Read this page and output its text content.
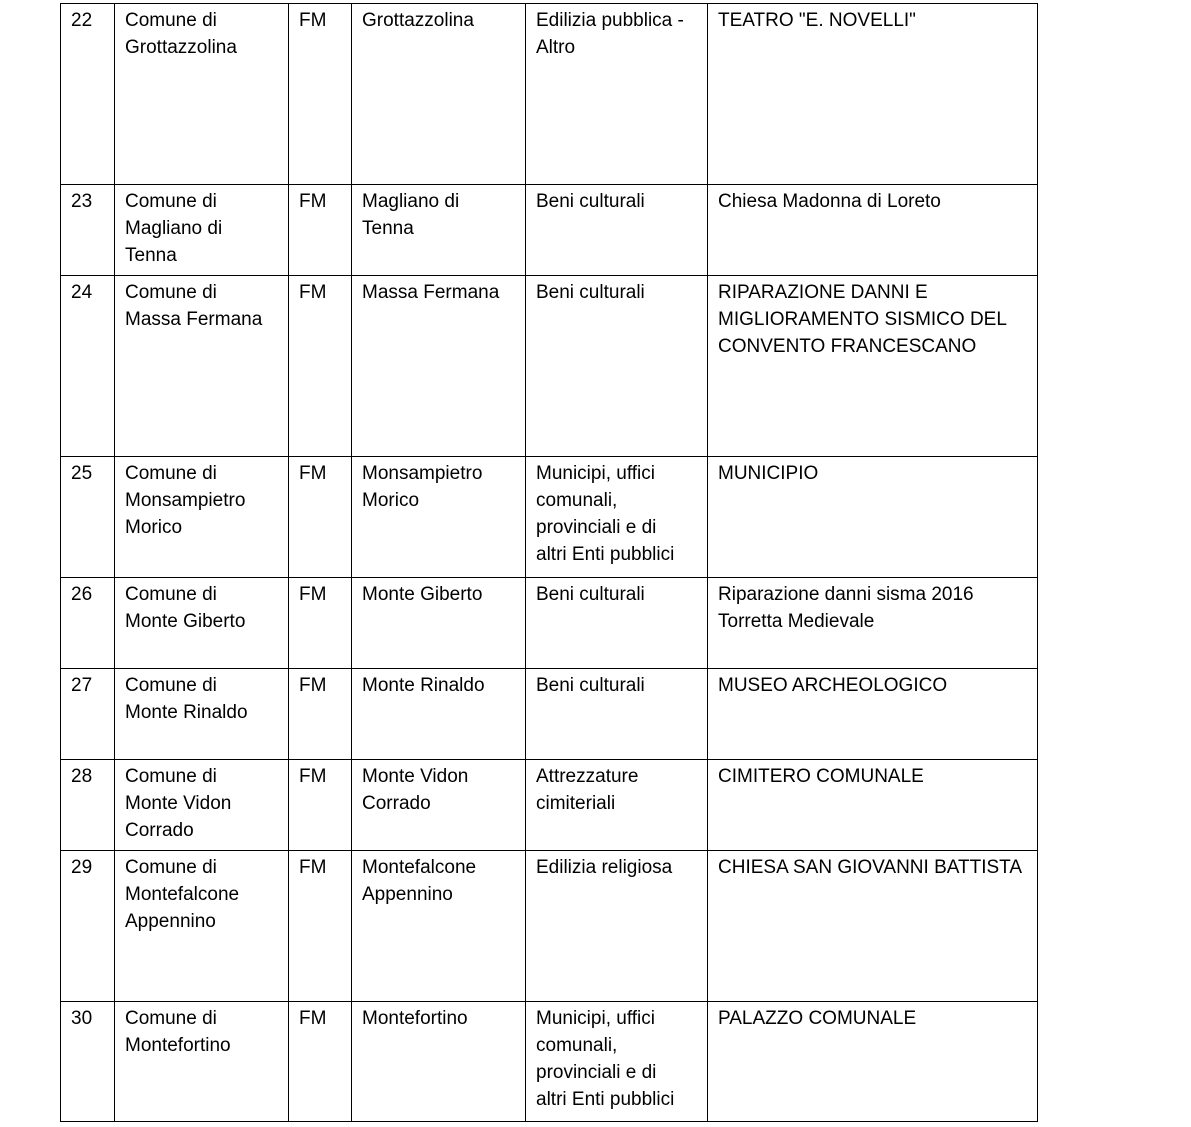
22	Comune di
Grottazzolina	FM	Grottazzolina	Edilizia pubblica -
Altro	TEATRO "E. NOVELLI"
23	Comune di
Magliano di
Tenna	FM	Magliano di
Tenna	Beni culturali	Chiesa Madonna di Loreto
24	Comune di
Massa Fermana	FM	Massa Fermana	Beni culturali	RIPARAZIONE DANNI E
MIGLIORAMENTO SISMICO DEL
CONVENTO FRANCESCANO
25	Comune di
Monsampietro
Morico	FM	Monsampietro
Morico	Municipi, uffici
comunali,
provinciali e di
altri Enti pubblici	MUNICIPIO
26	Comune di
Monte Giberto	FM	Monte Giberto	Beni culturali	Riparazione danni sisma 2016
Torretta Medievale
27	Comune di
Monte Rinaldo	FM	Monte Rinaldo	Beni culturali	MUSEO ARCHEOLOGICO
28	Comune di
Monte Vidon
Corrado	FM	Monte Vidon
Corrado	Attrezzature
cimiteriali	CIMITERO COMUNALE
29	Comune di
Montefalcone
Appennino	FM	Montefalcone
Appennino	Edilizia religiosa	CHIESA SAN GIOVANNI BATTISTA
30	Comune di
Montefortino	FM	Montefortino	Municipi, uffici
comunali,
provinciali e di
altri Enti pubblici	PALAZZO COMUNALE
